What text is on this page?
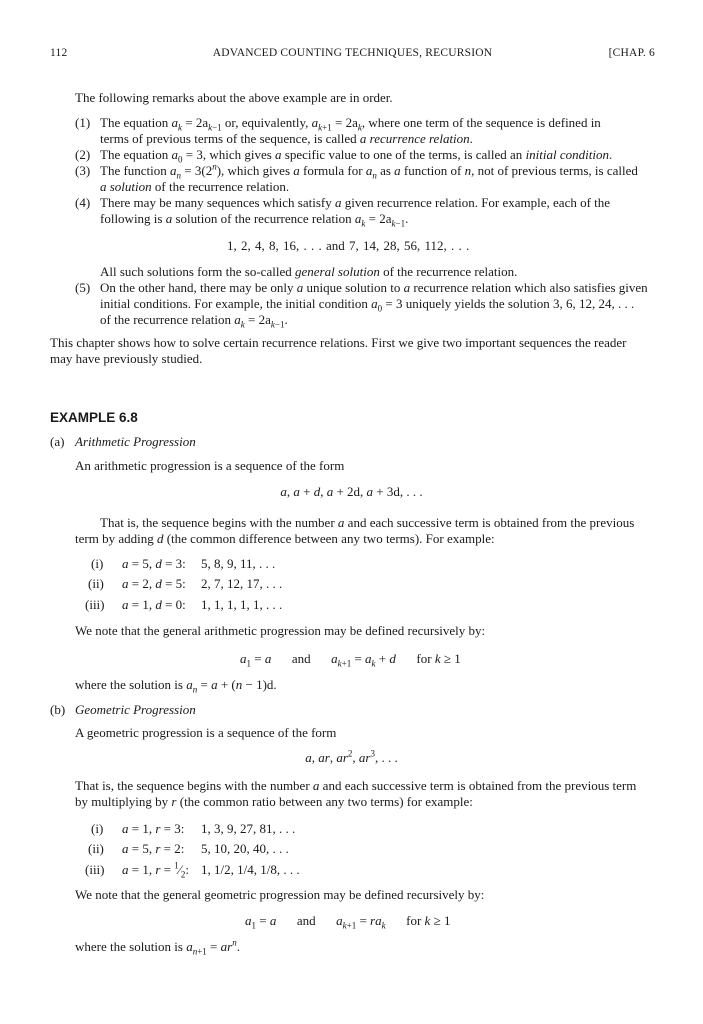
112	ADVANCED COUNTING TECHNIQUES, RECURSION	[CHAP. 6
The following remarks about the above example are in order.
(1) The equation $a_k = 2a_{k-1}$ or, equivalently, $a_{k+1} = 2a_k$, where one term of the sequence is defined in
terms of previous terms of the sequence, is called a recurrence relation.
(2) The equation $a_0 = 3$, which gives a specific value to one of the terms, is called an initial condition.
(3) The function $a_n = 3(2^n)$, which gives a formula for $a_n$ as a function of n, not of previous terms, is called
a solution of the recurrence relation.
(4) There may be many sequences which satisfy a given recurrence relation. For example, each of the
following is a solution of the recurrence relation $a_k = 2a_{k-1}$.
1, 2, 4, 8, 16, . . . and 7, 14, 28, 56, 112, . . .
All such solutions form the so-called general solution of the recurrence relation.
(5) On the other hand, there may be only a unique solution to a recurrence relation which also satisfies given
initial conditions. For example, the initial condition $a_0 = 3$ uniquely yields the solution 3, 6, 12, 24, . . .
of the recurrence relation $a_k = 2a_{k-1}$.
This chapter shows how to solve certain recurrence relations. First we give two important sequences the reader
may have previously studied.
EXAMPLE 6.8
(a) Arithmetic Progression
An arithmetic progression is a sequence of the form
a, a + d, a + 2d, a + 3d, . . .
That is, the sequence begins with the number a and each successive term is obtained from the previous
term by adding d (the common difference between any two terms). For example:
(i) a = 5, d = 3: 5, 8, 9, 11, . . .
(ii) a = 2, d = 5: 2, 7, 12, 17, . . .
(iii) a = 1, d = 0: 1, 1, 1, 1, 1, . . .
We note that the general arithmetic progression may be defined recursively by:
$a_1 = a$ and $a_{k+1} = a_k + d$ for k ≥ 1
where the solution is $a_n = a + (n - 1)d$.
(b) Geometric Progression
A geometric progression is a sequence of the form
a, ar, $ar^2$, $ar^3$, . . .
That is, the sequence begins with the number a and each successive term is obtained from the previous term
by multiplying by r (the common ratio between any two terms) for example:
(i) a = 1, r = 3: 1, 3, 9, 27, 81, . . .
(ii) a = 5, r = 2: 5, 10, 20, 40, . . .
(iii) a = 1, $r = ^1⁄_2$: 1, 1/2, 1/4, 1/8, . . .
We note that the general geometric progression may be defined recursively by:
$a_1 = a$ and $a_{k+1} = ra_k$ for k ≥ 1
where the solution is $a_{n+1} = ar^n$.
